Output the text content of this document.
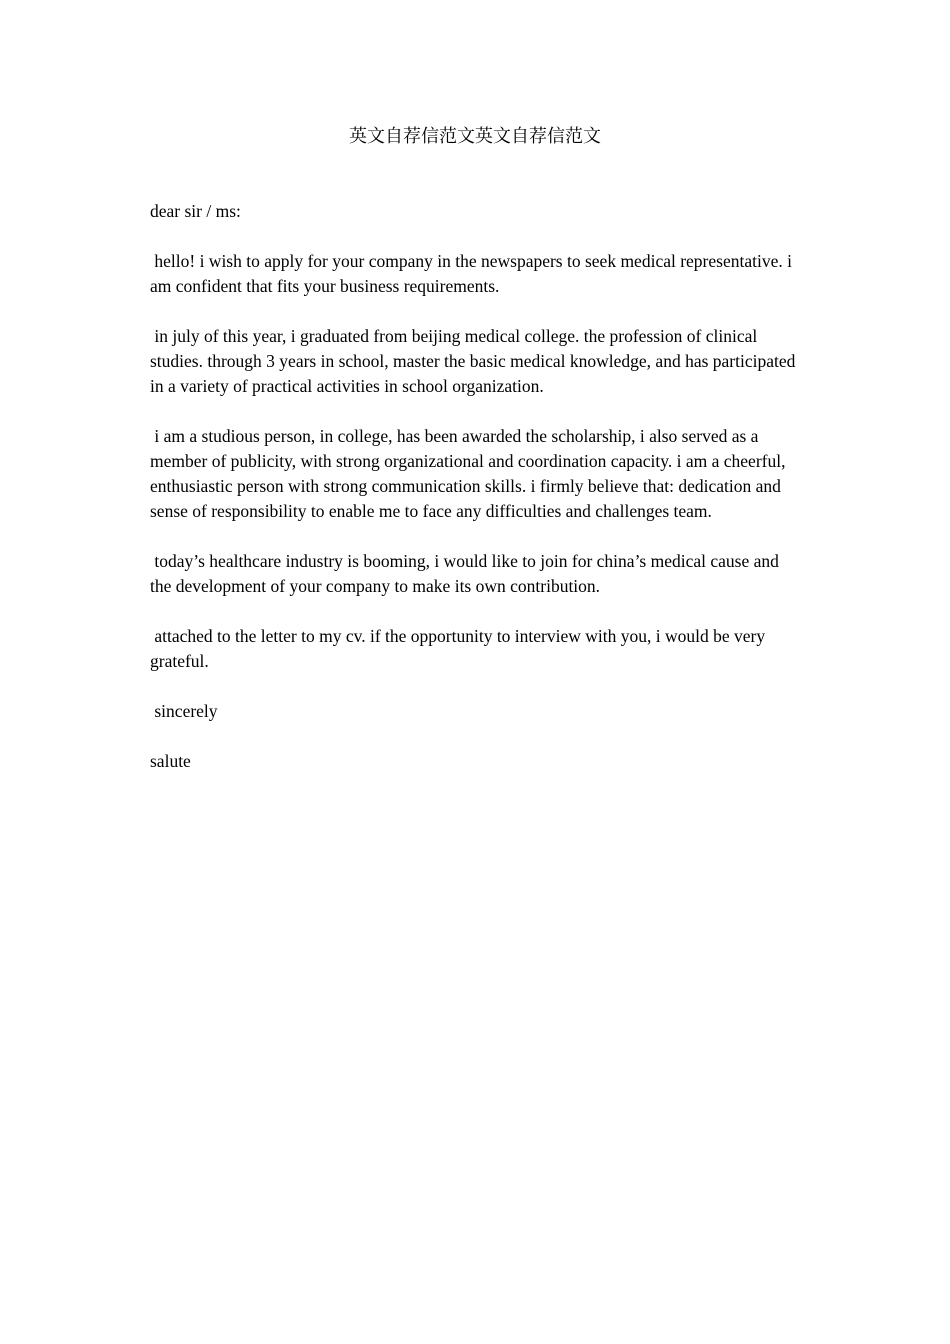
英文自荐信范文英文自荐信范文

dear sir / ms:

hello! i wish to apply for your company in the newspapers to seek medical representative. i am confident that fits your business requirements.

in july of this year, i graduated from beijing medical college. the profession of clinical studies. through 3 years in school, master the basic medical knowledge, and has participated in a variety of practical activities in school organization.

i am a studious person, in college, has been awarded the scholarship, i also served as a member of publicity, with strong organizational and coordination capacity. i am a cheerful, enthusiastic person with strong communication skills. i firmly believe that: dedication and sense of responsibility to enable me to face any difficulties and challenges team.

today’s healthcare industry is booming, i would like to join for china’s medical cause and the development of your company to make its own contribution.

attached to the letter to my cv. if the opportunity to interview with you, i would be very grateful.

sincerely

salute
